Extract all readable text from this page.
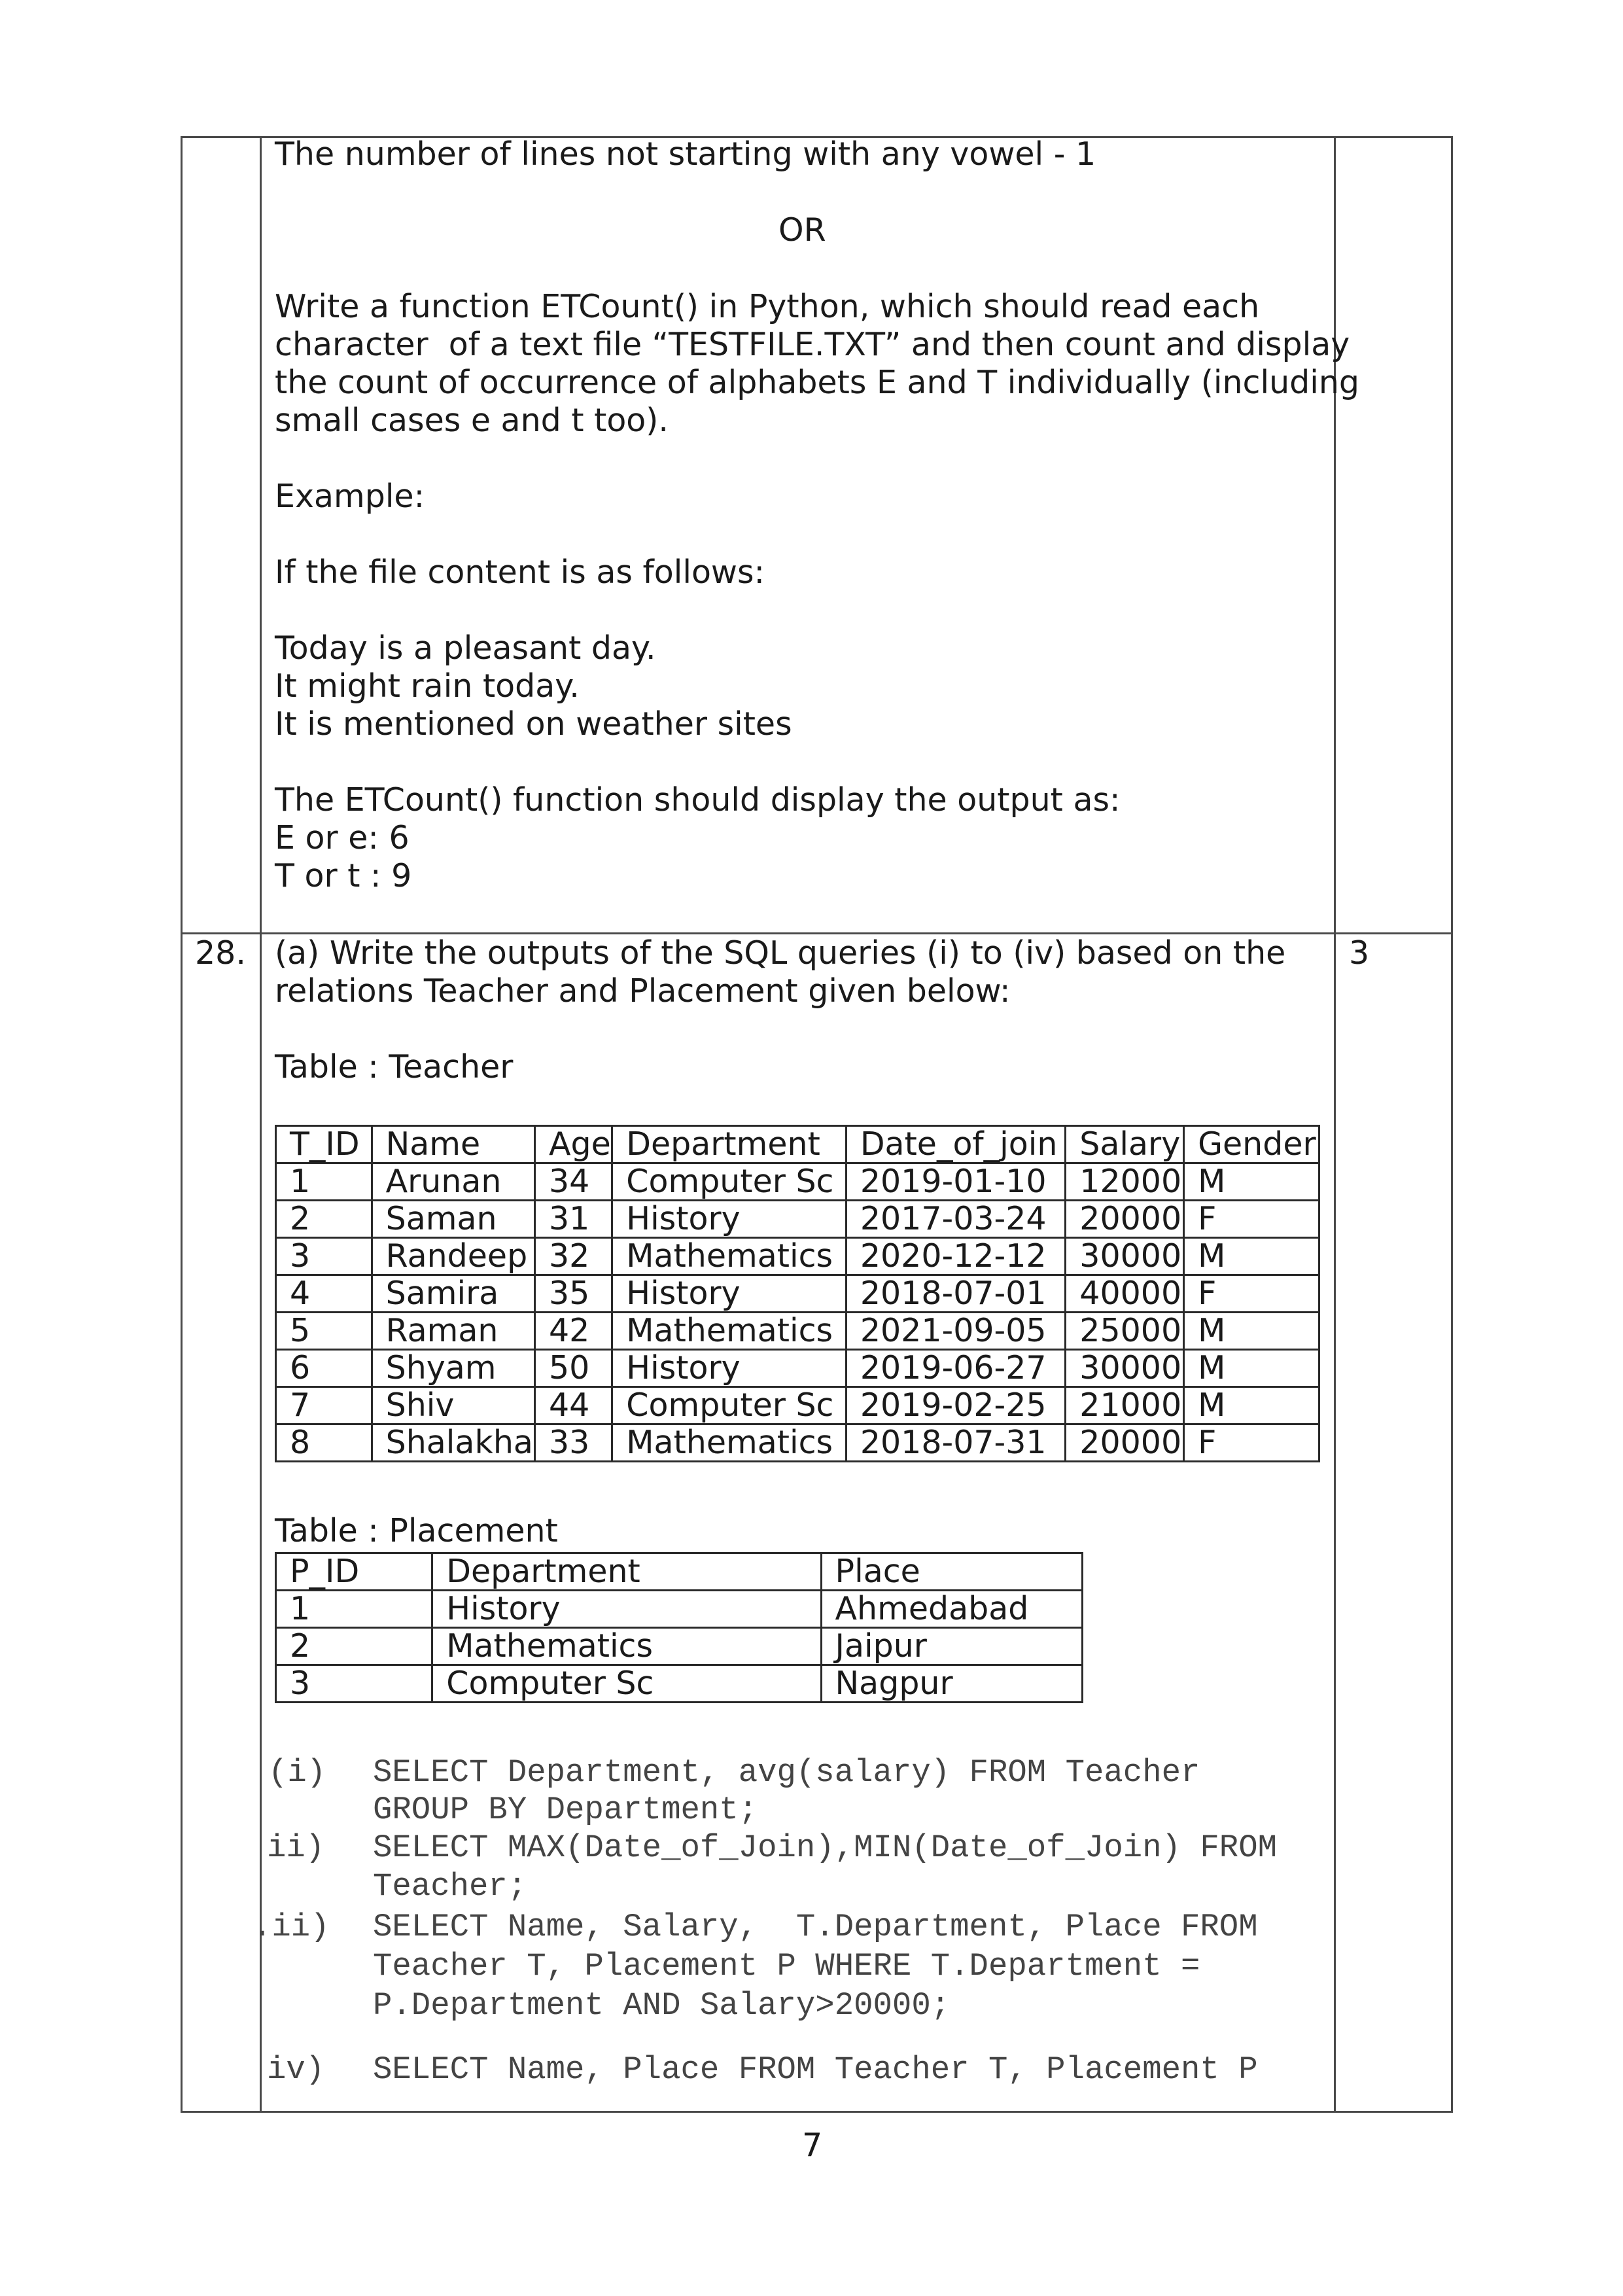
The number of lines not starting with any vowel - 1
OR
Write a function ETCount() in Python, which should read each
character  of a text file “TESTFILE.TXT” and then count and display
the count of occurrence of alphabets E and T individually (including
small cases e and t too).
Example:
If the file content is as follows:
Today is a pleasant day.
It might rain today.
It is mentioned on weather sites
The ETCount() function should display the output as:
E or e: 6
T or t : 9
28.	3
(a) Write the outputs of the SQL queries (i) to (iv) based on the
relations Teacher and Placement given below:
Table : Teacher
T_ID	Name	Age	Department	Date_of_join	Salary	Gender
1	Arunan	34	Computer Sc	2019-01-10	12000	M
2	Saman	31	History	2017-03-24	20000	F
3	Randeep	32	Mathematics	2020-12-12	30000	M
4	Samira	35	History	2018-07-01	40000	F
5	Raman	42	Mathematics	2021-09-05	25000	M
6	Shyam	50	History	2019-06-27	30000	M
7	Shiv	44	Computer Sc	2019-02-25	21000	M
8	Shalakha	33	Mathematics	2018-07-31	20000	F
Table : Placement
P_ID	Department	Place
1	History	Ahmedabad
2	Mathematics	Jaipur
3	Computer Sc	Nagpur
(i) SELECT Department, avg(salary) FROM Teacher
GROUP BY Department;
ii) SELECT MAX(Date_of_Join),MIN(Date_of_Join) FROM
Teacher;
.ii) SELECT Name, Salary,  T.Department, Place FROM
Teacher T, Placement P WHERE T.Department =
P.Department AND Salary>20000;
iv) SELECT Name, Place FROM Teacher T, Placement P
7
